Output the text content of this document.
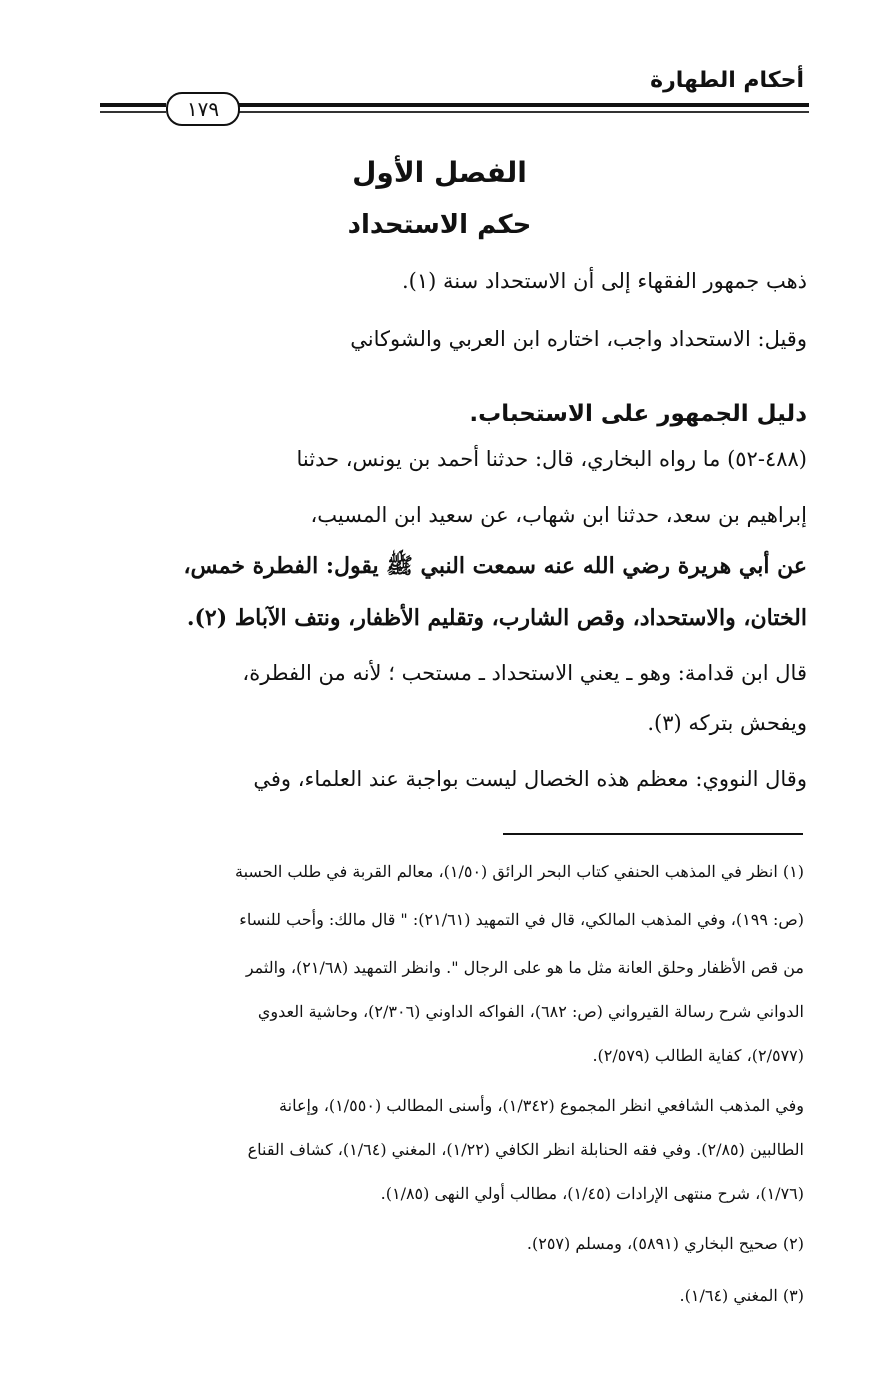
أحكام الطهارة
١٧٩
الفصل الأول
حكم الاستحداد
ذهب جمهور الفقهاء إلى أن الاستحداد سنة (١).
وقيل: الاستحداد واجب، اختاره ابن العربي والشوكاني
دليل الجمهور على الاستحباب.
(٤٨٨-٥٢) ما رواه البخاري، قال: حدثنا أحمد بن يونس، حدثنا
إبراهيم بن سعد، حدثنا ابن شهاب، عن سعيد ابن المسيب،
عن أبي هريرة رضي الله عنه سمعت النبي ﷺ يقول: الفطرة خمس،
الختان، والاستحداد، وقص الشارب، وتقليم الأظفار، ونتف الآباط (٢).
قال ابن قدامة: وهو ـ يعني الاستحداد ـ مستحب ؛ لأنه من الفطرة،
ويفحش بتركه (٣).
وقال النووي: معظم هذه الخصال ليست بواجبة عند العلماء، وفي
(١) انظر في المذهب الحنفي كتاب البحر الرائق (١/٥٠)، معالم القربة في طلب الحسبة
(ص: ١٩٩)، وفي المذهب المالكي، قال في التمهيد (٢١/٦١): " قال مالك: وأحب للنساء
من قص الأظفار وحلق العانة مثل ما هو على الرجال ". وانظر التمهيد (٢١/٦٨)، والثمر
الدواني شرح رسالة القيرواني (ص: ٦٨٢)، الفواكه الداوني (٢/٣٠٦)، وحاشية العدوي
(٢/٥٧٧)، كفاية الطالب (٢/٥٧٩).
وفي المذهب الشافعي انظر المجموع (١/٣٤٢)، وأسنى المطالب (١/٥٥٠)، وإعانة
الطالبين (٢/٨٥). وفي فقه الحنابلة انظر الكافي (١/٢٢)، المغني (١/٦٤)، كشاف القناع
(١/٧٦)، شرح منتهى الإرادات (١/٤٥)، مطالب أولي النهى (١/٨٥).
(٢) صحيح البخاري (٥٨٩١)، ومسلم (٢٥٧).
(٣) المغني (١/٦٤).
